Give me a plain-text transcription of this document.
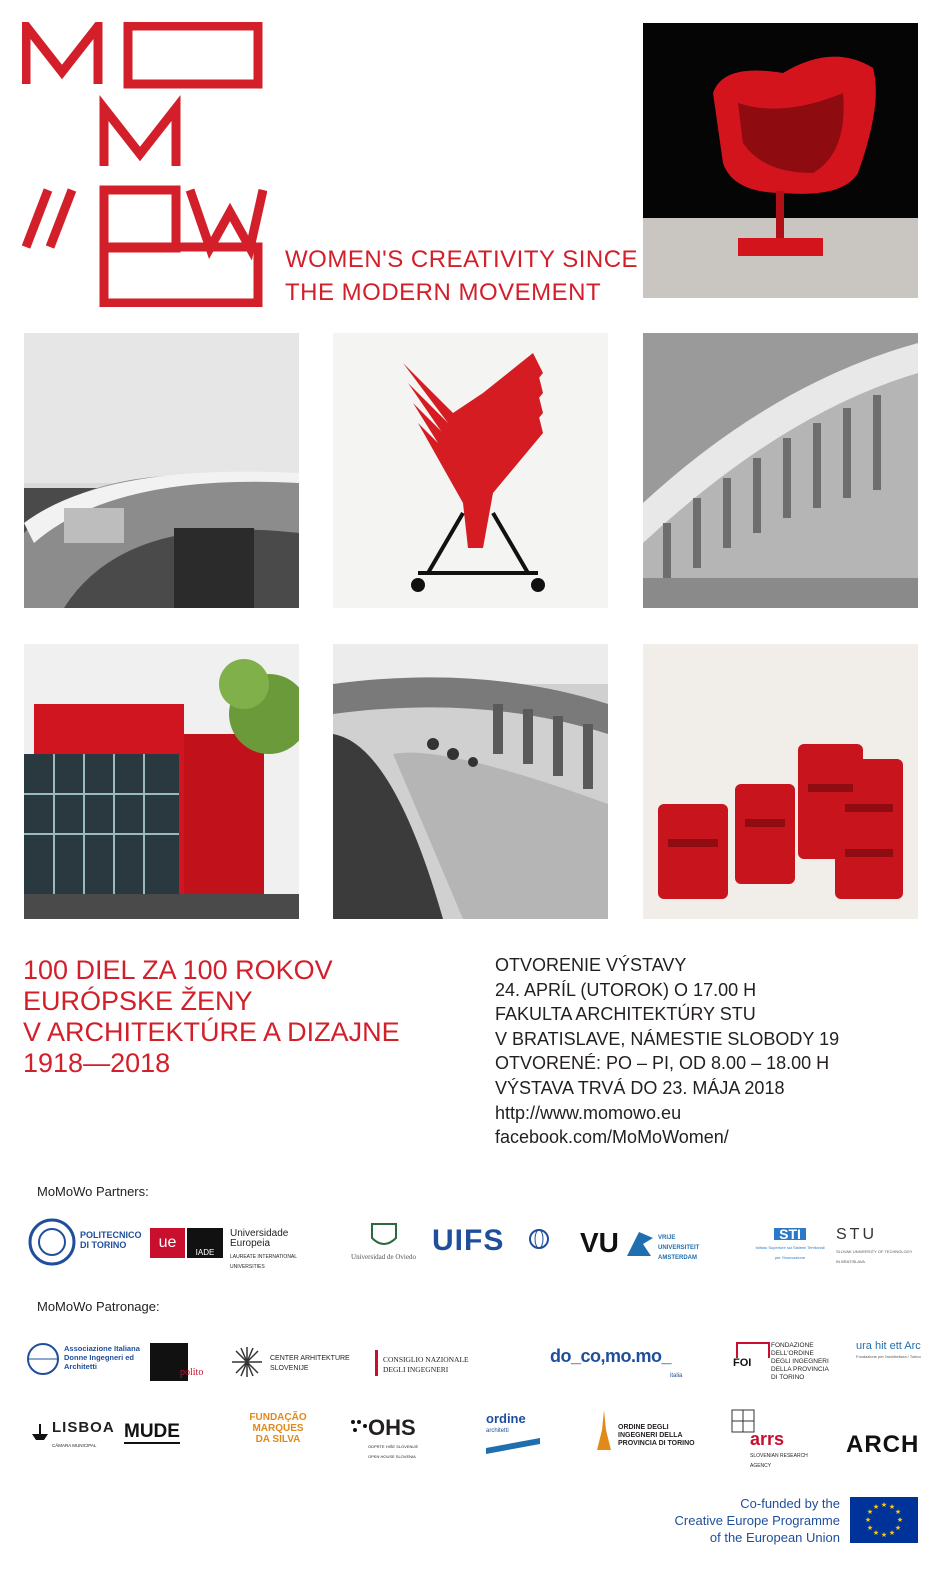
WOMEN'S CREATIVITY SINCE
THE MODERN MOVEMENT
100 DIEL ZA 100 ROKOV
EURÓPSKE ŽENY
V ARCHITEKTÚRE A DIZAJNE
1918—2018
OTVORENIE VÝSTAVY
24. APRÍL (UTOROK) O 17.00 H
FAKULTA ARCHITEKTÚRY STU
V BRATISLAVE, NÁMESTIE SLOBODY 19
OTVORENÉ: PO – PI, OD 8.00 – 18.00 H
VÝSTAVA TRVÁ DO 23. MÁJA 2018
http://www.momowo.eu
facebook.com/MoMoWomen/
MoMoWo Partners:
POLITECNICO DI TORINO	ue
IADE
Universidade Europeia
LAUREATE INTERNATIONAL UNIVERSITIES
Universidad de Oviedo UIFS	VU	VRIJE UNIVERSITEIT AMSTERDAM
STI
Istituto Superiore sui Sistemi Territoriali per l'Innovazione
STU
SLOVAK UNIVERSITY OF TECHNOLOGY IN BRATISLAVA
MoMoWo Patronage:
Associazione Italiana Donne Ingegneri ed Architetti
polito
CENTER ARHITEKTURE SLOVENIJE
CONSIGLIO NAZIONALE DEGLI INGEGNERI
do_co,mo.mo_
italia
FOI
FONDAZIONE DELL'ORDINE DEGLI INGEGNERI DELLA PROVINCIA DI TORINO
ura hit ett Arc
Fondazione per l'architettura / Torino
LISBOA
CÂMARA MUNICIPAL
MUDE
FUNDAÇÃO MARQUES DA SILVA	OHS
ODPRTE HIŠE SLOVENIJE OPEN HOUSE SLOVENIA
ordine
architetti	ORDINE DEGLI INGEGNERI DELLA PROVINCIA DI TORINO	arrs
SLOVENIAN RESEARCH AGENCY
ARCH
Co-funded by the
Creative Europe Programme
of the European Union
★ ★
★
★
★
★
★
★
★
★
★
★
